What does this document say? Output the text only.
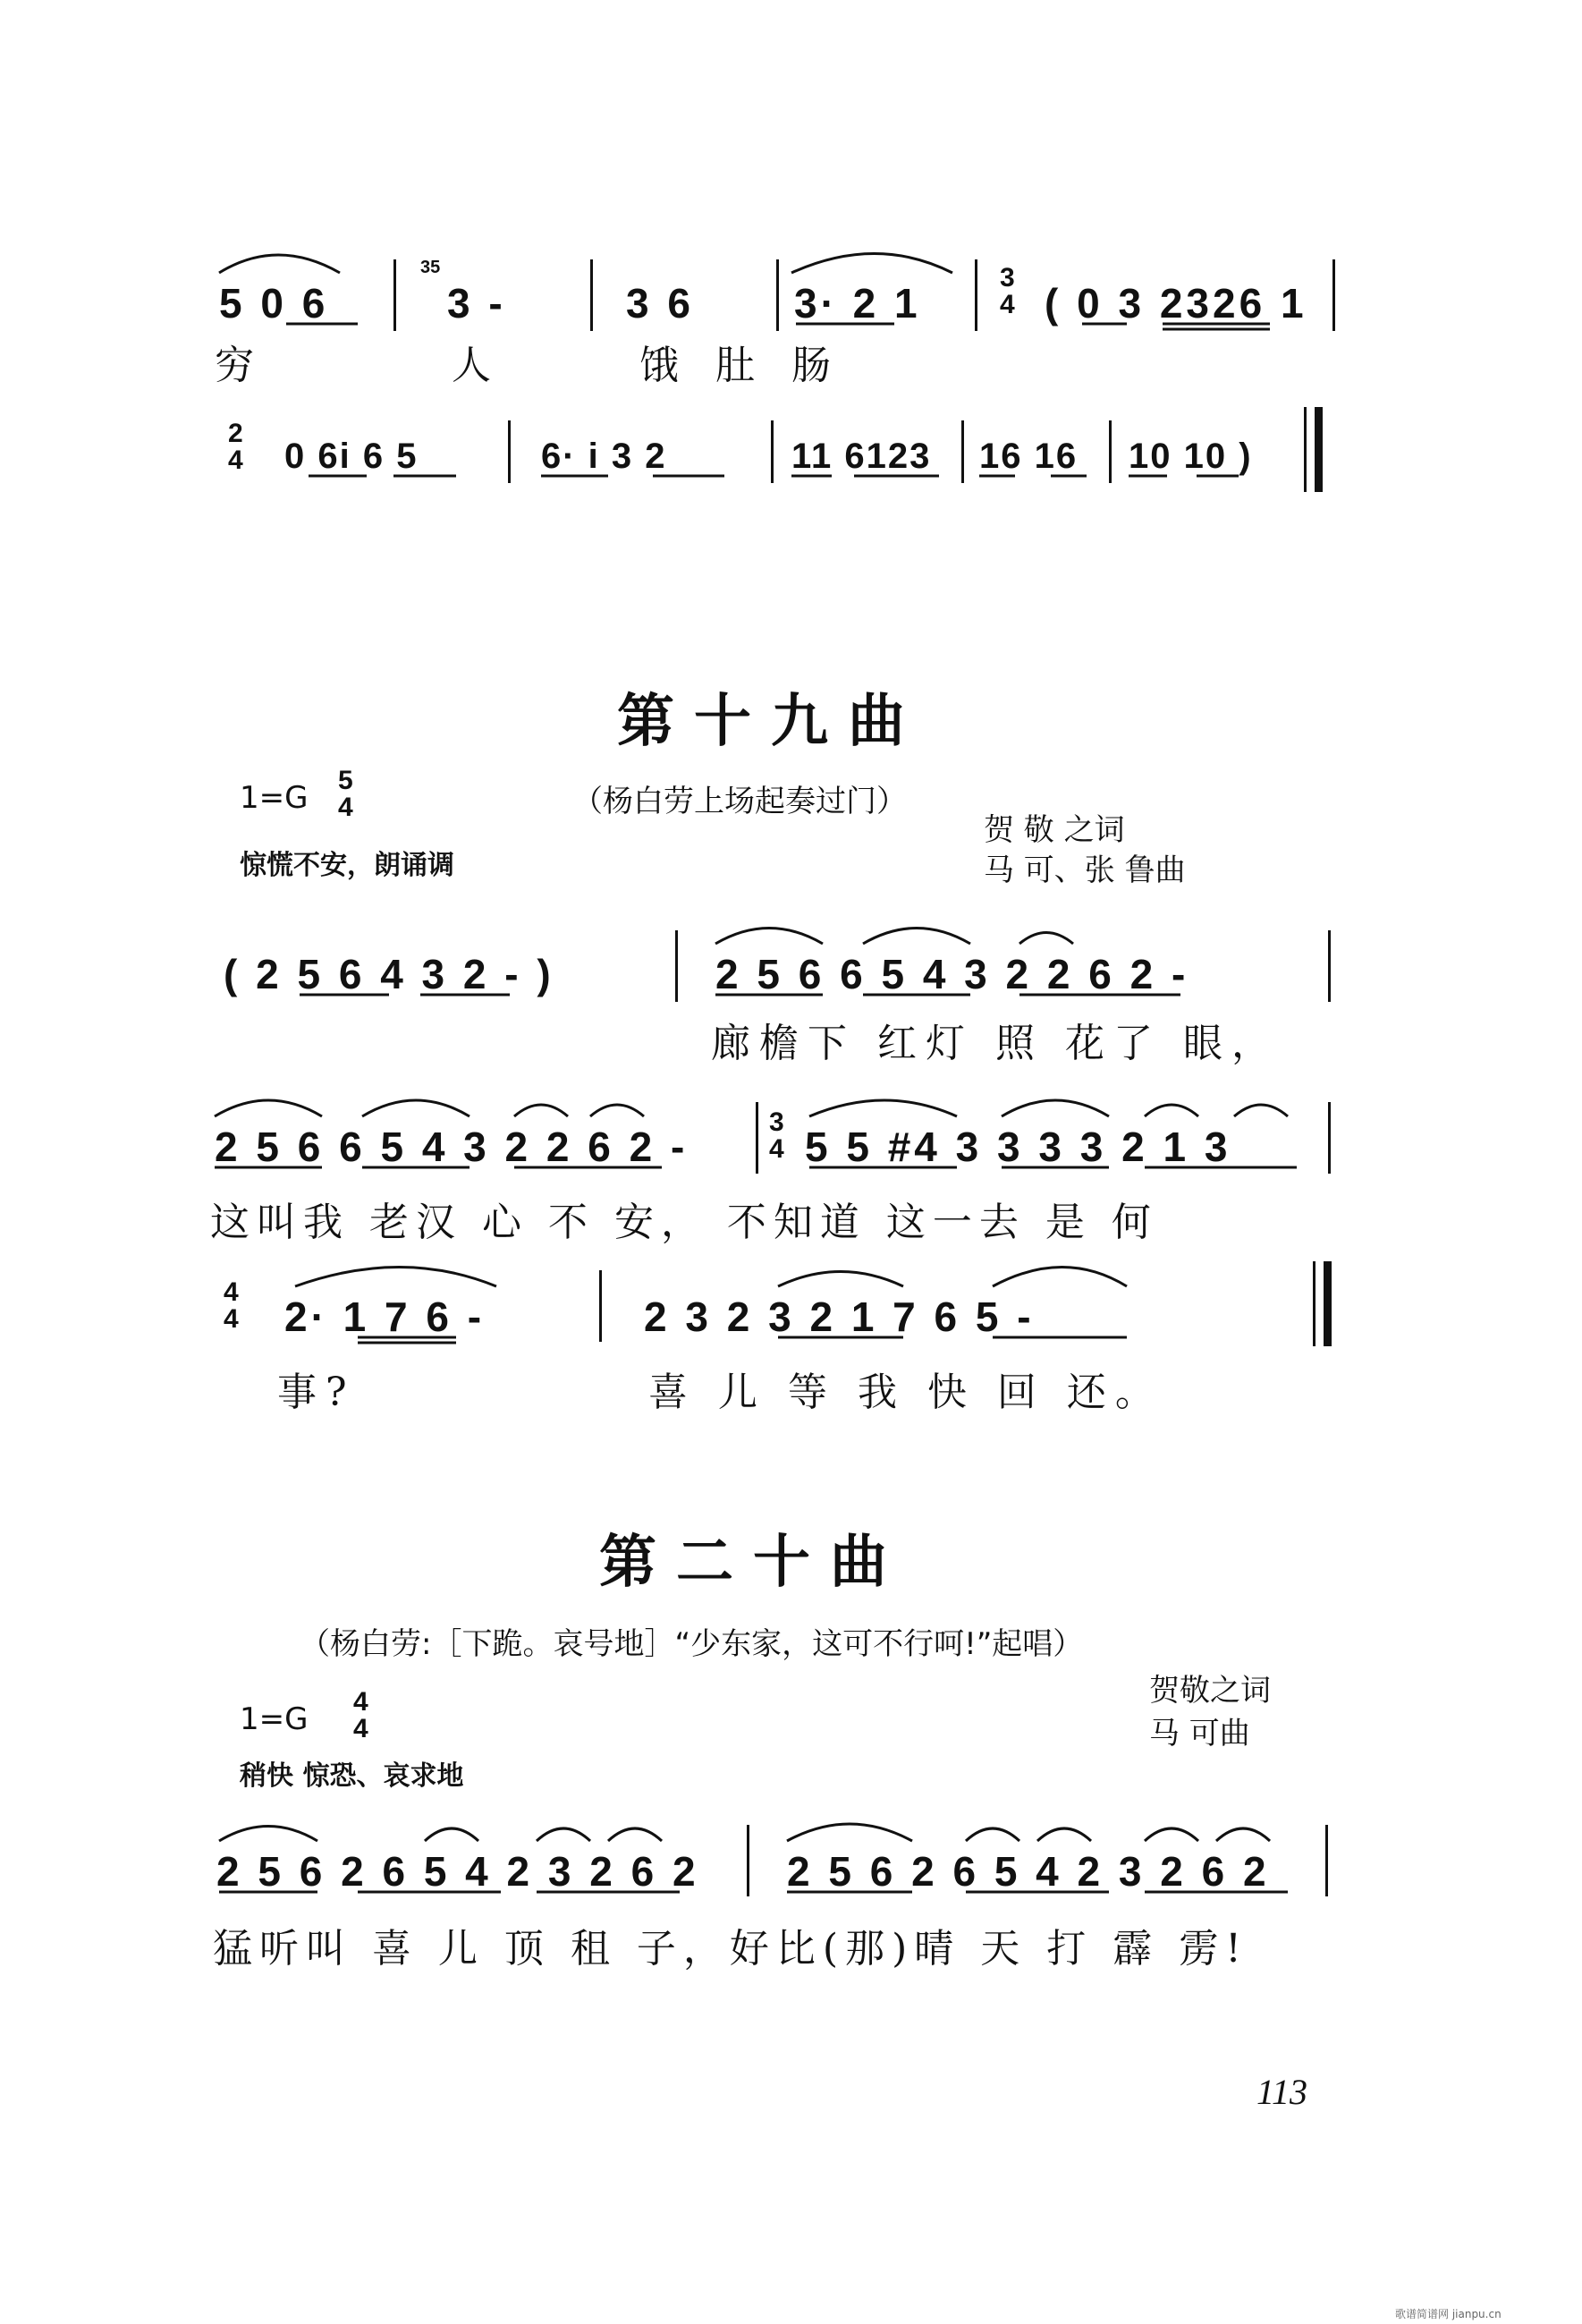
5 0 6
35
3 -	3 6 3· 2 1
3
4 ( 0 3 2326 1
穷	人	饿 肚 肠
2
4 0 6i 6 5	6· i 3 2	11 6123 16 16 10 10 )
第十九曲
1=G 5
4	（杨白劳上场起奏过门）
贺 敬 之词
惊慌不安，朗诵调	马 可、张 鲁曲
( 2 5 6 4 3 2 - )	2 5 6 6 5 4 3 2 2 6 2 -
廊檐下 红灯 照 花了 眼，
2 5 6 6 5 4 3 2 2 6 2 -
3
4 5 5 #4 3 3 3 3 2 1 3
这叫我 老汉 心 不 安， 不知道 这一去 是 何
4
4 2· 1 7 6 -	2 3 2 3 2 1 7 6 5 -
事?	喜 儿 等 我 快 回 还。
第二十曲
（杨白劳:［下跪。哀号地］“少东家，这可不行呵!”起唱）
贺敬之词
1=G 4
4	马 可曲
稍快 惊恐、哀求地
2 5 6 2 6 5 4 2 3 2 6 2 2 5 6 2 6 5 4 2 3 2 6 2
猛听叫 喜 儿 顶 租 子，好比(那)晴 天 打 霹 雳!
113
歌谱简谱网 jianpu.cn
